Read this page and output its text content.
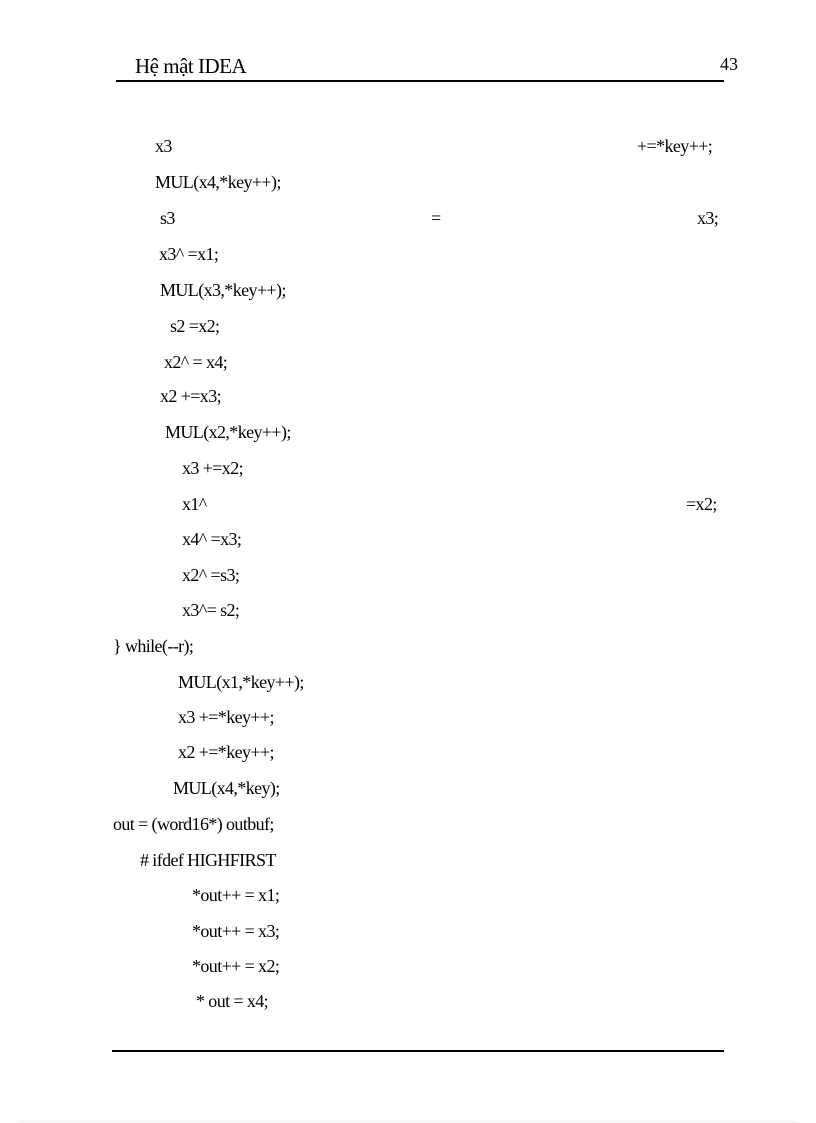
Hệ mật IDEA	43
x3	+=*key++;
MUL(x4,*key++);
s3	=	x3;
x3^ =x1;
MUL(x3,*key++);
s2 =x2;
x2^ = x4;
x2 +=x3;
MUL(x2,*key++);
x3 +=x2;
x1^	=x2;
x4^ =x3;
x2^ =s3;
x3^= s2;
} while(--r);
MUL(x1,*key++);
x3 +=*key++;
x2 +=*key++;
MUL(x4,*key);
out = (word16*) outbuf;
# ifdef HIGHFIRST
*out++ = x1;
*out++ = x3;
*out++ = x2;
* out = x4;
